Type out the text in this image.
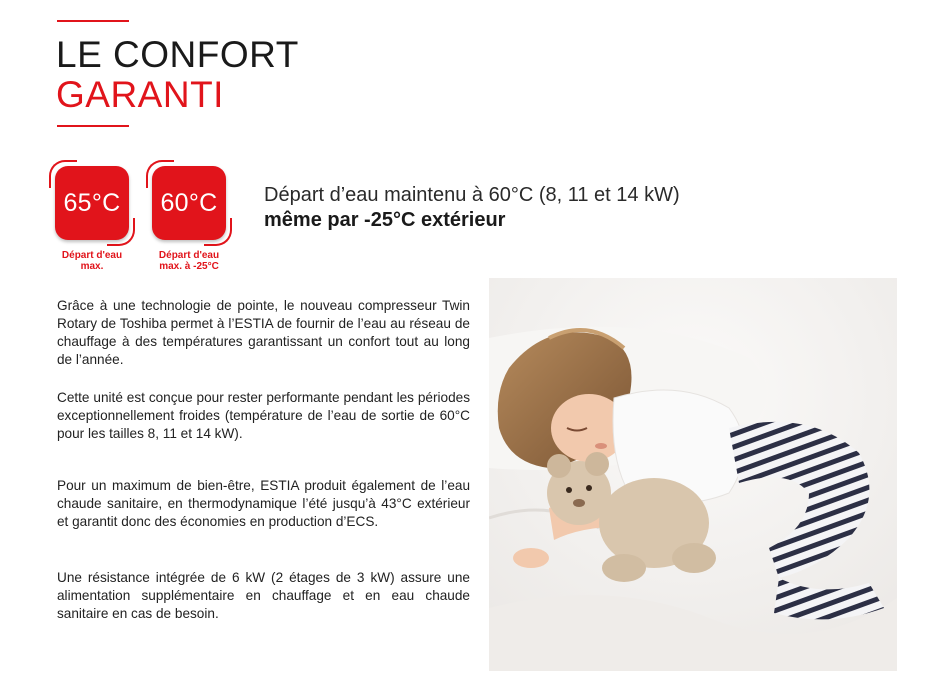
LE CONFORT
GARANTI
65°C
Départ d'eau
max.
60°C
Départ d'eau
max. à -25°C
Départ d’eau maintenu à 60°C (8, 11 et 14 kW)
même par -25°C extérieur

Grâce à une technologie de pointe, le nouveau compresseur Twin Rotary de Toshiba permet à l’ESTIA de fournir de l’eau au réseau de chauffage à des températures garantissant un confort tout au long de l’année.

Cette unité est conçue pour rester performante pendant les périodes exceptionnellement froides (température de l’eau de sortie de 60°C pour les tailles 8, 11 et 14 kW).

Pour un maximum de bien-être, ESTIA produit également de l’eau chaude sanitaire, en thermodynamique l’été jusqu’à 43°C extérieur et garantit donc des économies en production d’ECS.

Une résistance intégrée de 6 kW (2 étages de 3 kW) assure une alimentation supplémentaire en chauffage et en eau chaude sanitaire en cas de besoin.
